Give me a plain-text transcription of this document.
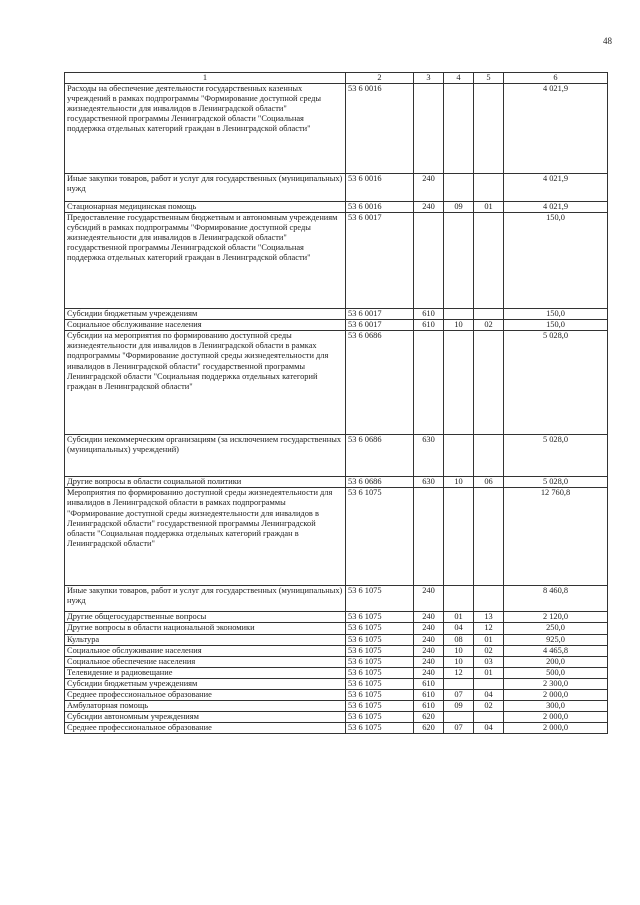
48
1	2	3	4	5	6
Расходы на обеспечение деятельности государственных казенных учреждений в рамках подпрограммы "Формирование доступной среды жизнедеятельности для инвалидов в Ленинградской области" государственной программы Ленинградской области "Социальная поддержка отдельных категорий граждан в Ленинградской области"	53 6 0016				4 021,9
Иные закупки товаров, работ и услуг для государственных (муниципальных) нужд	53 6 0016	240			4 021,9
Стационарная медицинская помощь	53 6 0016	240	09	01	4 021,9
Предоставление государственным бюджетным и автономным учреждениям субсидий в рамках подпрограммы "Формирование доступной среды жизнедеятельности для инвалидов в Ленинградской области" государственной программы Ленинградской области "Социальная поддержка отдельных категорий граждан в Ленинградской области"	53 6 0017				150,0
Субсидии бюджетным учреждениям	53 6 0017	610			150,0
Социальное обслуживание населения	53 6 0017	610	10	02	150,0
Субсидии на мероприятия по формированию доступной среды жизнедеятельности для инвалидов в Ленинградской области в рамках подпрограммы "Формирование доступной среды жизнедеятельности для инвалидов в Ленинградской области" государственной программы Ленинградской области "Социальная поддержка отдельных категорий граждан в Ленинградской области"	53 6 0686				5 028,0
Субсидии некоммерческим организациям (за исключением государственных (муниципальных) учреждений)	53 6 0686	630			5 028,0
Другие вопросы в области социальной политики	53 6 0686	630	10	06	5 028,0
Мероприятия по формированию доступной среды жизнедеятельности для инвалидов в Ленинградской области в рамках подпрограммы "Формирование доступной среды жизнедеятельности для инвалидов в Ленинградской области" государственной программы Ленинградской области "Социальная поддержка отдельных категорий граждан в Ленинградской области"	53 6 1075				12 760,8
Иные закупки товаров, работ и услуг для государственных (муниципальных) нужд	53 6 1075	240			8 460,8
Другие общегосударственные вопросы	53 6 1075	240	01	13	2 120,0
Другие вопросы в области национальной экономики	53 6 1075	240	04	12	250,0
Культура	53 6 1075	240	08	01	925,0
Социальное обслуживание населения	53 6 1075	240	10	02	4 465,8
Социальное обеспечение населения	53 6 1075	240	10	03	200,0
Телевидение и радиовещание	53 6 1075	240	12	01	500,0
Субсидии бюджетным учреждениям	53 6 1075	610			2 300,0
Среднее профессиональное образование	53 6 1075	610	07	04	2 000,0
Амбулаторная помощь	53 6 1075	610	09	02	300,0
Субсидии автономным учреждениям	53 6 1075	620			2 000,0
Среднее профессиональное образование	53 6 1075	620	07	04	2 000,0
